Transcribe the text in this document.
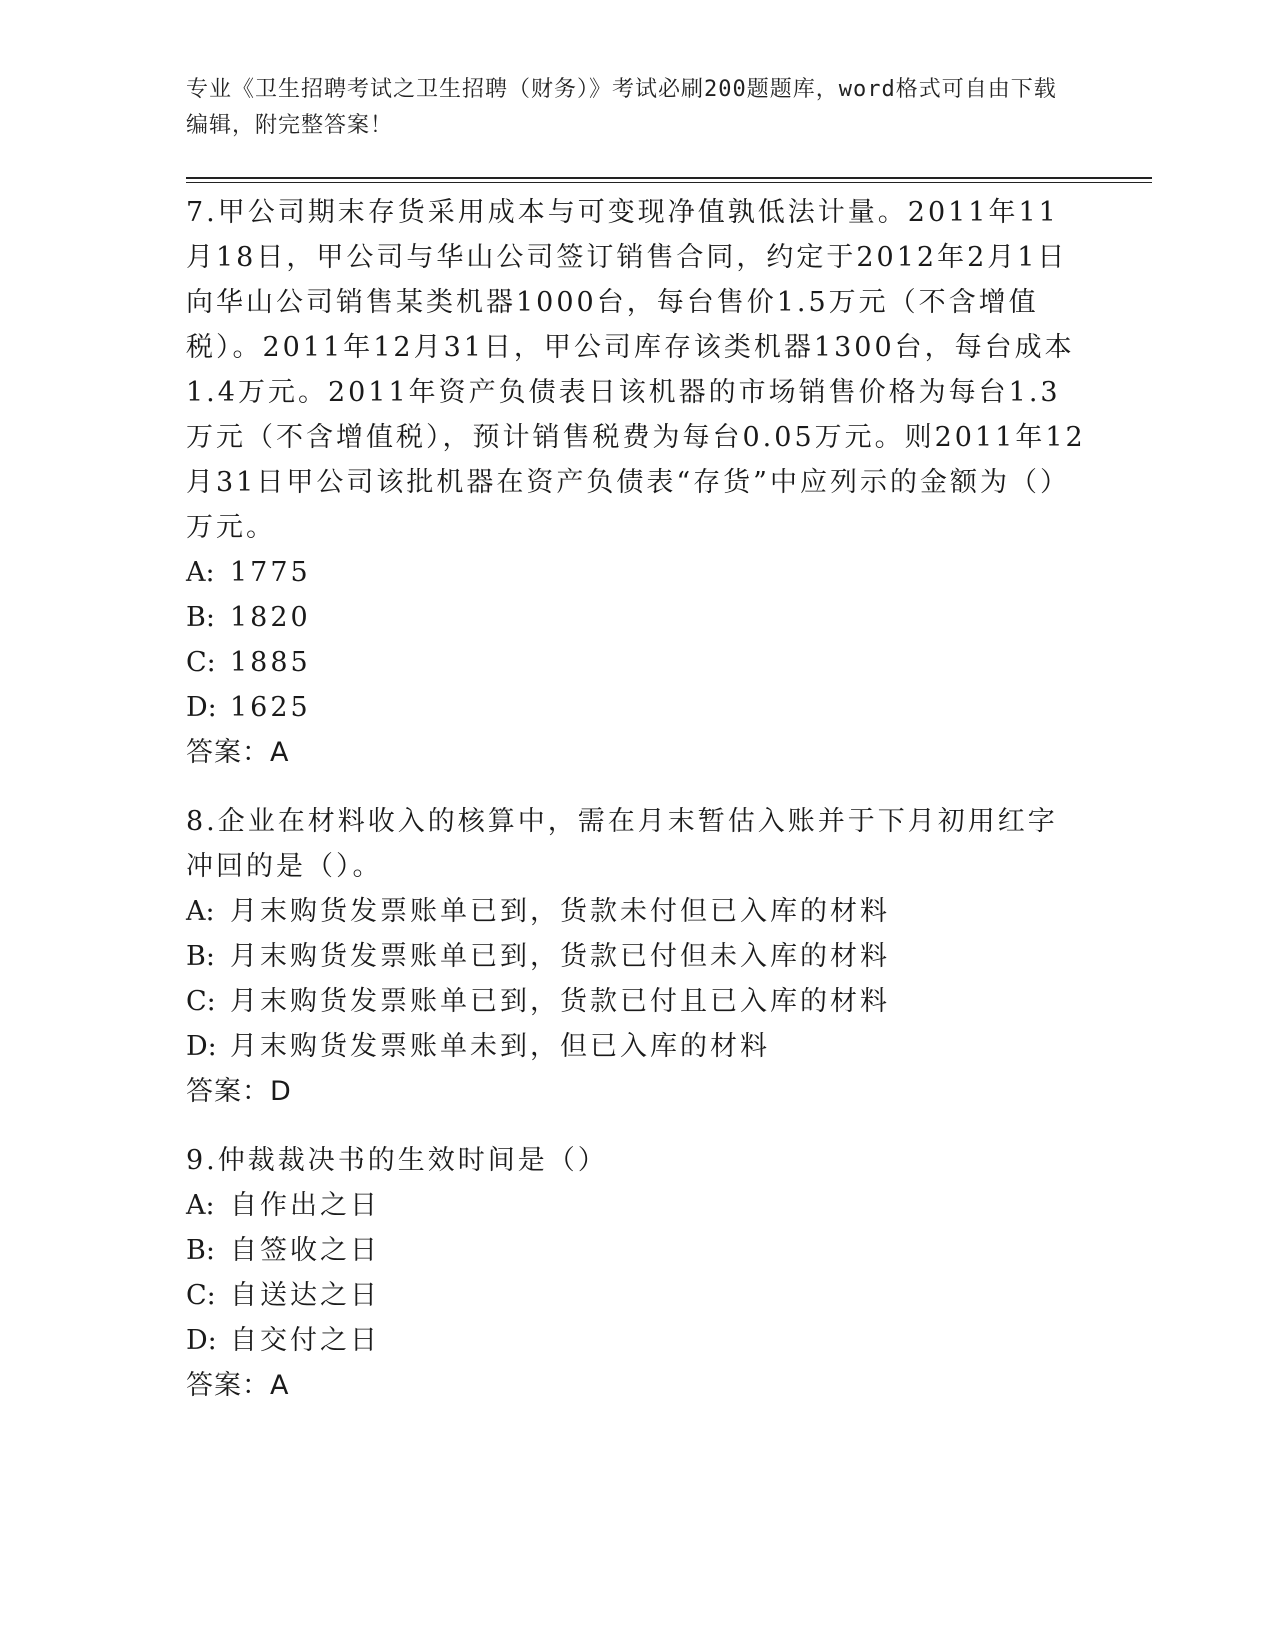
专业《卫生招聘考试之卫生招聘（财务）》考试必刷200题题库，word格式可自由下载编辑，附完整答案！

7.甲公司期末存货采用成本与可变现净值孰低法计量。2011年11月18日，甲公司与华山公司签订销售合同，约定于2012年2月1日向华山公司销售某类机器1000台，每台售价1.5万元（不含增值税）。2011年12月31日，甲公司库存该类机器1300台，每台成本1.4万元。2011年资产负债表日该机器的市场销售价格为每台1.3万元（不含增值税），预计销售税费为每台0.05万元。则2011年12月31日甲公司该批机器在资产负债表“存货”中应列示的金额为（）万元。

A: 1775

B: 1820

C: 1885

D: 1625

答案：A

8.企业在材料收入的核算中，需在月末暂估入账并于下月初用红字冲回的是（）。

A: 月末购货发票账单已到，货款未付但已入库的材料

B: 月末购货发票账单已到，货款已付但未入库的材料

C: 月末购货发票账单已到，货款已付且已入库的材料

D: 月末购货发票账单未到，但已入库的材料

答案：D

9.仲裁裁决书的生效时间是（）

A: 自作出之日

B: 自签收之日

C: 自送达之日

D: 自交付之日

答案：A
